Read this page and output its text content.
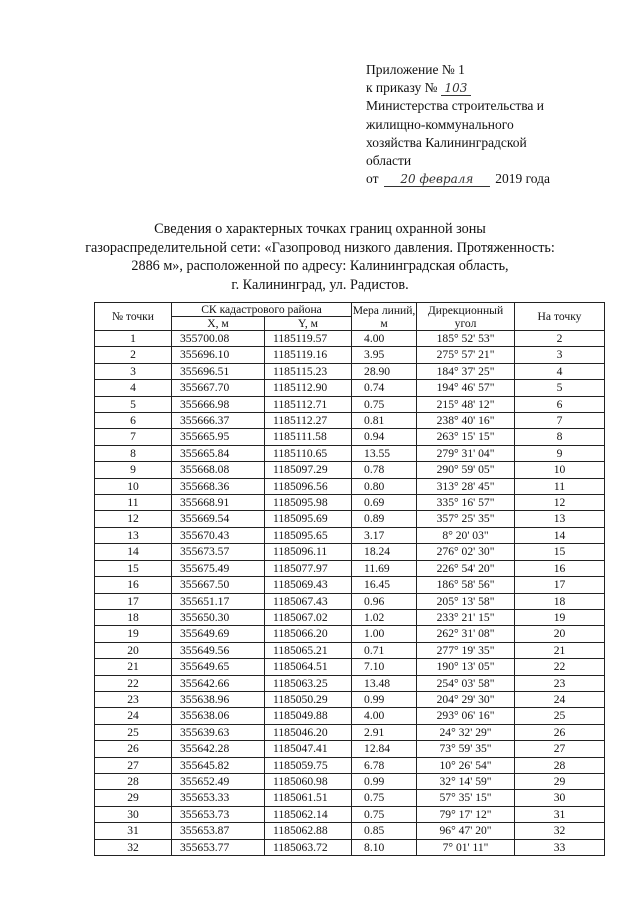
Приложение № 1
к приказу № 103
Министерства строительства и
жилищно-коммунального
хозяйства Калининградской
области
от 20 февраля 2019 года
Сведения о характерных точках границ охранной зоны
газораспределительной сети: «Газопровод низкого давления. Протяженность:
2886 м», расположенной по адресу: Калининградская область,
г. Калининград, ул. Радистов.
№ точки	СК кадастрового района		Мера линий, м	Дирекционный угол	На точку
	X, м	Y, м			
1	355700.08	1185119.57	4.00	185° 52' 53"	2
2	355696.10	1185119.16	3.95	275° 57' 21"	3
3	355696.51	1185115.23	28.90	184° 37' 25"	4
4	355667.70	1185112.90	0.74	194° 46' 57"	5
5	355666.98	1185112.71	0.75	215° 48' 12"	6
6	355666.37	1185112.27	0.81	238° 40' 16"	7
7	355665.95	1185111.58	0.94	263° 15' 15"	8
8	355665.84	1185110.65	13.55	279° 31' 04"	9
9	355668.08	1185097.29	0.78	290° 59' 05"	10
10	355668.36	1185096.56	0.80	313° 28' 45"	11
11	355668.91	1185095.98	0.69	335° 16' 57"	12
12	355669.54	1185095.69	0.89	357° 25' 35"	13
13	355670.43	1185095.65	3.17	8° 20' 03"	14
14	355673.57	1185096.11	18.24	276° 02' 30"	15
15	355675.49	1185077.97	11.69	226° 54' 20"	16
16	355667.50	1185069.43	16.45	186° 58' 56"	17
17	355651.17	1185067.43	0.96	205° 13' 58"	18
18	355650.30	1185067.02	1.02	233° 21' 15"	19
19	355649.69	1185066.20	1.00	262° 31' 08"	20
20	355649.56	1185065.21	0.71	277° 19' 35"	21
21	355649.65	1185064.51	7.10	190° 13' 05"	22
22	355642.66	1185063.25	13.48	254° 03' 58"	23
23	355638.96	1185050.29	0.99	204° 29' 30"	24
24	355638.06	1185049.88	4.00	293° 06' 16"	25
25	355639.63	1185046.20	2.91	24° 32' 29"	26
26	355642.28	1185047.41	12.84	73° 59' 35"	27
27	355645.82	1185059.75	6.78	10° 26' 54"	28
28	355652.49	1185060.98	0.99	32° 14' 59"	29
29	355653.33	1185061.51	0.75	57° 35' 15"	30
30	355653.73	1185062.14	0.75	79° 17' 12"	31
31	355653.87	1185062.88	0.85	96° 47' 20"	32
32	355653.77	1185063.72	8.10	7° 01' 11"	33
